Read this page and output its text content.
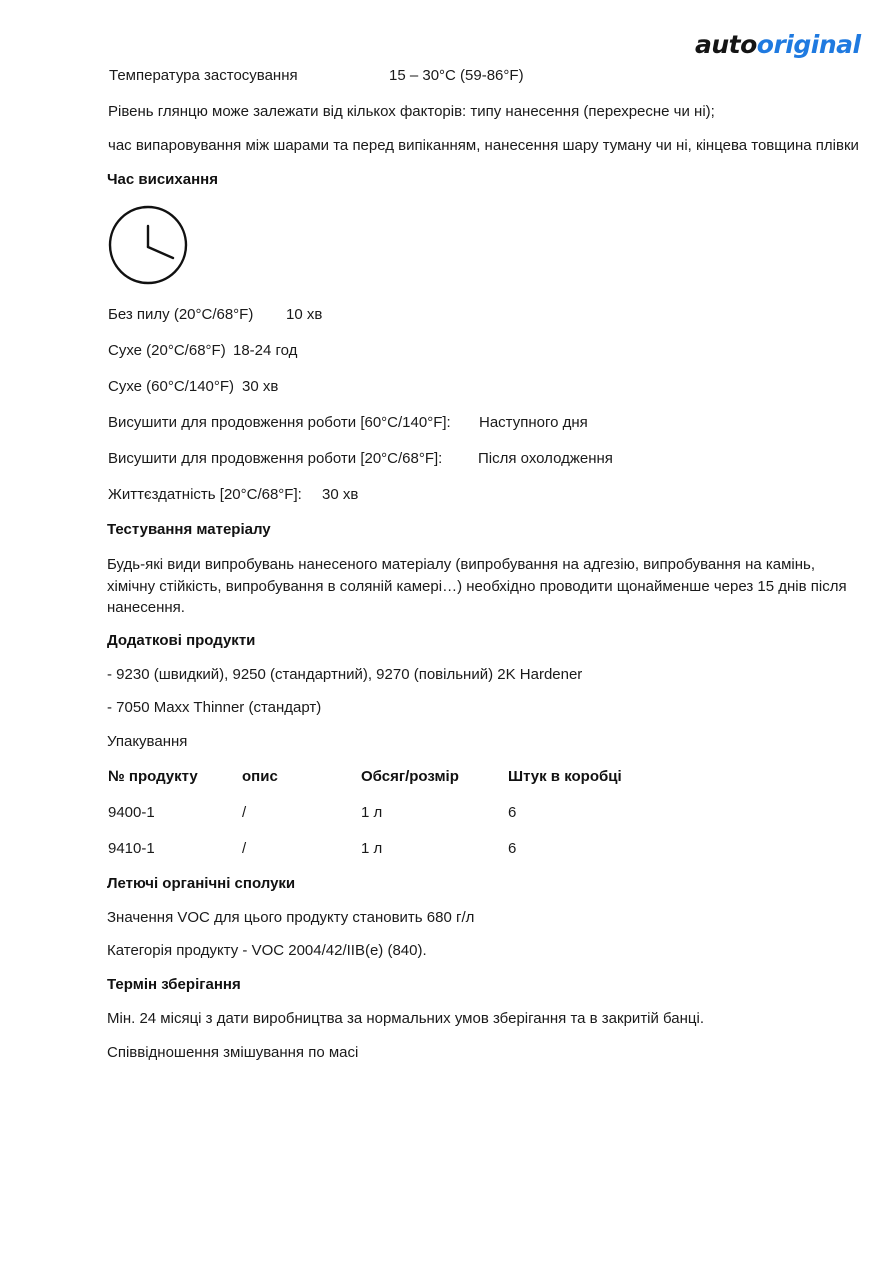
autooriginal
Температура застосування	15 – 30°C (59-86°F)
Рівень глянцю може залежати від кількох факторів: типу нанесення (перехресне чи ні);
час випаровування між шарами та перед випіканням, нанесення шару туману чи ні, кінцева товщина плівки
Час висихання
Без пилу (20°C/68°F) 10 хв
Сухе (20°C/68°F) 18-24 год
Сухе (60°C/140°F) 30 хв
Висушити для продовження роботи [60°C/140°F]: Наступного дня
Висушити для продовження роботи [20°C/68°F]: Після охолодження
Життєздатність [20°C/68°F]: 30 хв
Тестування матеріалу
Будь-які види випробувань нанесеного матеріалу (випробування на адгезію, випробування на камінь, хімічну стійкість, випробування в соляній камері…) необхідно проводити щонайменше через 15 днів після нанесення.
Додаткові продукти
- 9230 (швидкий), 9250 (стандартний), 9270 (повільний) 2K Hardener
- 7050 Maxx Thinner (стандарт)
Упакування
№ продукту	опис	Обсяг/розмір	Штук в коробці
9400-1	/	1 л	6
9410-1	/	1 л	6
Летючі органічні сполуки
Значення VOC для цього продукту становить 680 г/л
Категорія продукту - VOC 2004/42/IIB(e) (840).
Термін зберігання
Мін. 24 місяці з дати виробництва за нормальних умов зберігання та в закритій банці.
Співвідношення змішування по масі
